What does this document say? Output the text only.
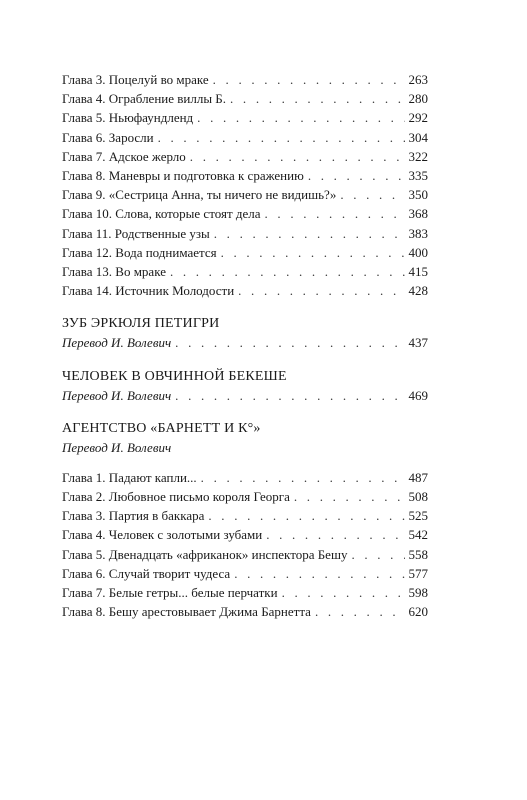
Глава 3. Поцелуй во мраке . . .	263
Глава 4. Ограбление виллы Б. . . .	280
Глава 5. Ньюфаундленд . . .	292
Глава 6. Заросли . . .	304
Глава 7. Адское жерло . . .	322
Глава 8. Маневры и подготовка к сражению . . .	335
Глава 9. «Сестрица Анна, ты ничего не видишь?» . . .	350
Глава 10. Слова, которые стоят дела . . .	368
Глава 11. Родственные узы . . .	383
Глава 12. Вода поднимается . . .	400
Глава 13. Во мраке . . .	415
Глава 14. Источник Молодости . . .	428
ЗУБ ЭРКЮЛЯ ПЕТИГРИ
Перевод И. Волевич . . .	437
ЧЕЛОВЕК В ОВЧИННОЙ БЕКЕШЕ
Перевод И. Волевич . . .	469
АГЕНТСТВО «БАРНЕТТ И К°»
Перевод И. Волевич
Глава 1. Падают капли... . . .	487
Глава 2. Любовное письмо короля Георга . . .	508
Глава 3. Партия в баккара . . .	525
Глава 4. Человек с золотыми зубами . . .	542
Глава 5. Двенадцать «африканок» инспектора Бешу . . .	558
Глава 6. Случай творит чудеса . . .	577
Глава 7. Белые гетры... белые перчатки . . .	598
Глава 8. Бешу арестовывает Джима Барнетта . . .	620
